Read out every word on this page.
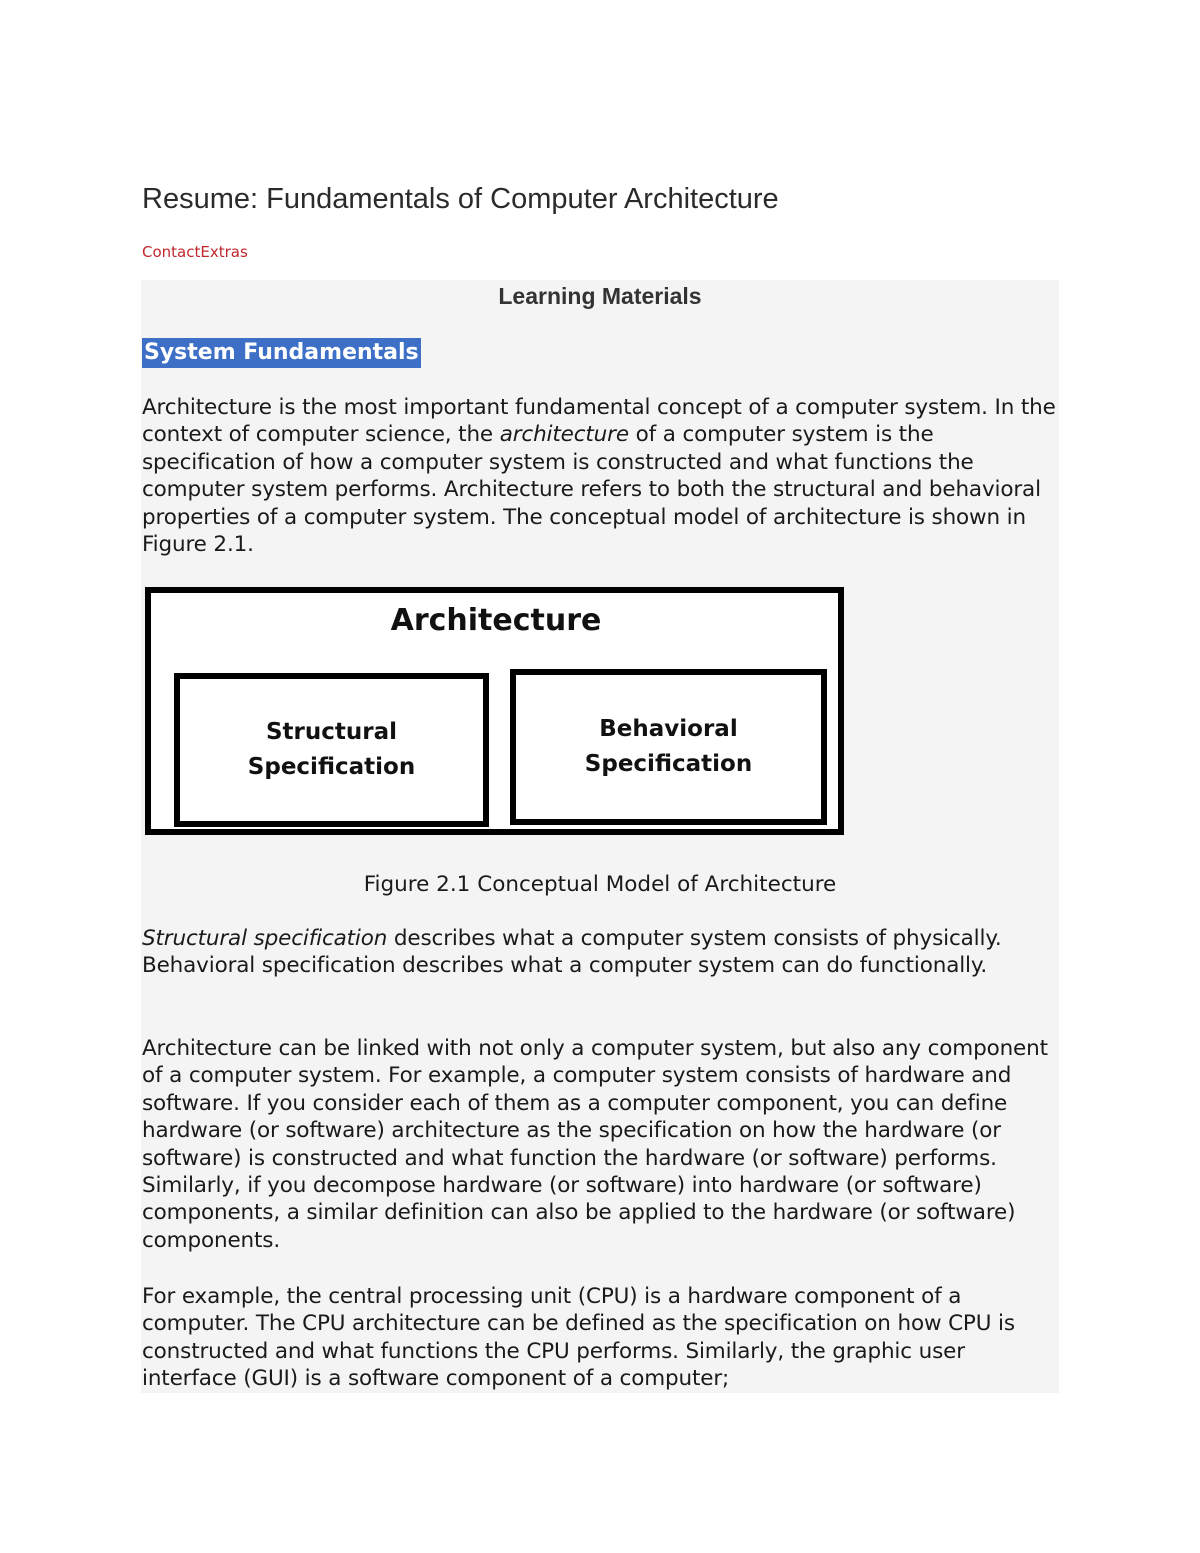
Resume: Fundamentals of Computer Architecture
ContactExtras
Learning Materials
System Fundamentals

Architecture is the most important fundamental concept of a computer system. In the context of computer science, the architecture of a computer system is the specification of how a computer system is constructed and what functions the computer system performs. Architecture refers to both the structural and behavioral properties of a computer system. The conceptual model of architecture is shown in Figure 2.1.

Architecture
Structural
Specification
Behavioral
Specification
Figure 2.1 Conceptual Model of Architecture

Structural specification describes what a computer system consists of physically. Behavioral specification describes what a computer system can do functionally.

Architecture can be linked with not only a computer system, but also any component of a computer system. For example, a computer system consists of hardware and software. If you consider each of them as a computer component, you can define hardware (or software) architecture as the specification on how the hardware (or software) is constructed and what function the hardware (or software) performs. Similarly, if you decompose hardware (or software) into hardware (or software) components, a similar definition can also be applied to the hardware (or software) components.

For example, the central processing unit (CPU) is a hardware component of a computer. The CPU architecture can be defined as the specification on how CPU is constructed and what functions the CPU performs. Similarly, the graphic user interface (GUI) is a software component of a computer;
